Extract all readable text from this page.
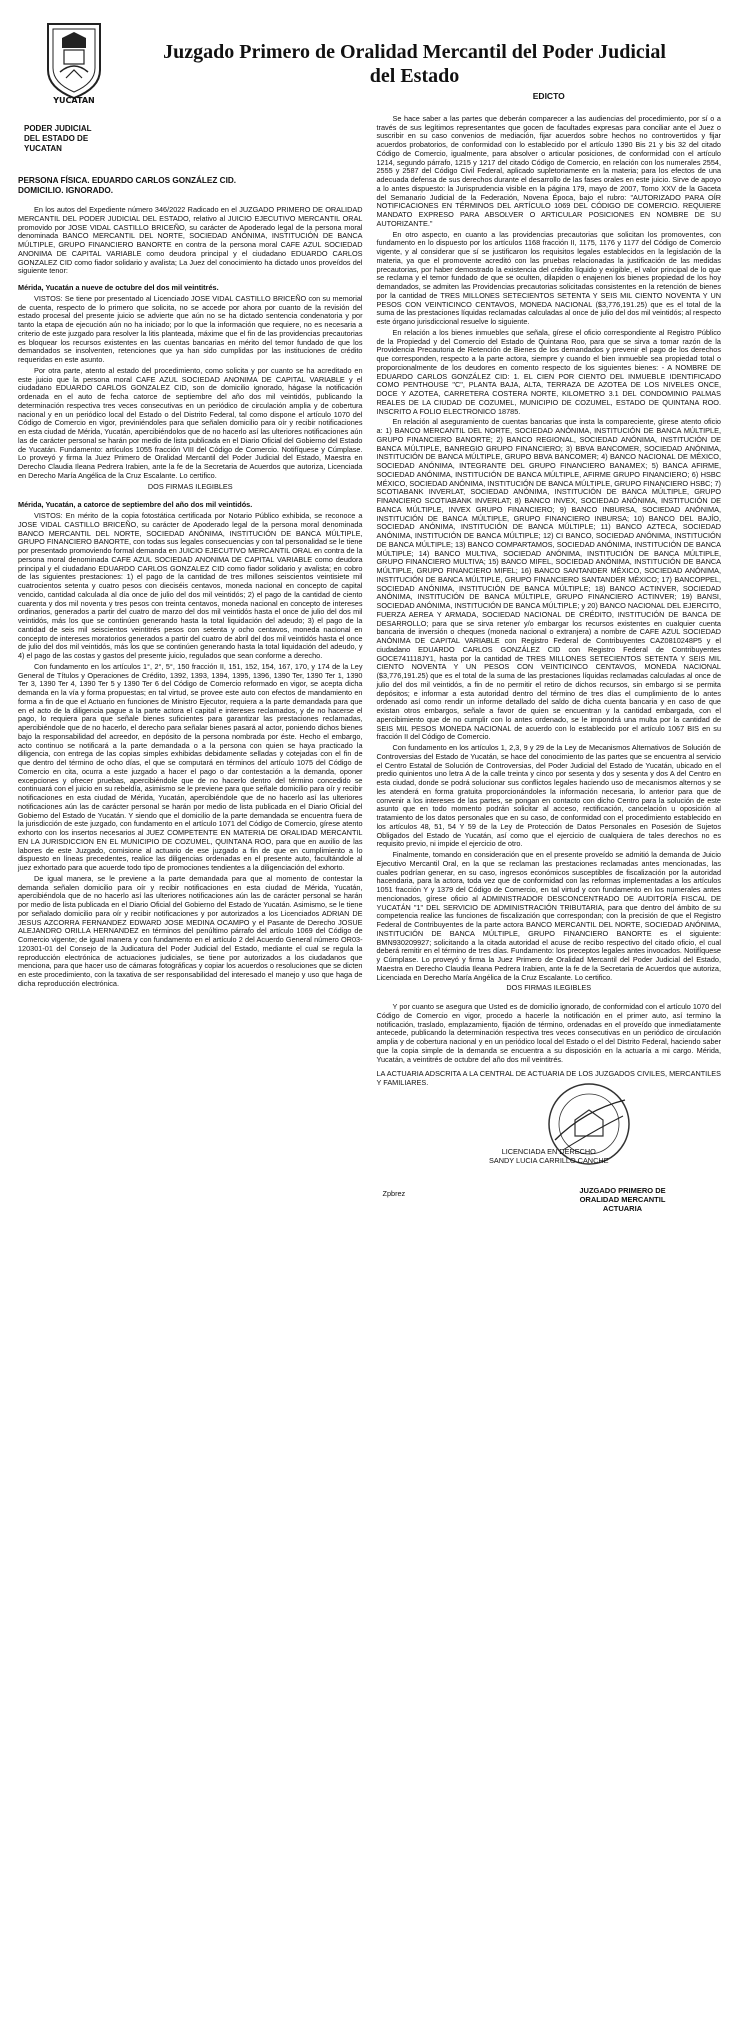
YUCATAN
Juzgado Primero de Oralidad Mercantil del Poder Judicial
del Estado
PODER JUDICIAL
DEL ESTADO DE
YUCATAN
PERSONA FÍSICA. EDUARDO CARLOS GONZÁLEZ CID.
DOMICILIO. IGNORADO.

En los autos del Expediente número 346/2022 Radicado en el JUZGADO PRIMERO DE ORALIDAD MERCANTIL DEL PODER JUDICIAL DEL ESTADO, relativo al JUICIO EJECUTIVO MERCANTIL ORAL promovido por JOSE VIDAL CASTILLO BRICEÑO, su carácter de Apoderado legal de la persona moral denominada BANCO MERCANTIL DEL NORTE, SOCIEDAD ANÓNIMA, INSTITUCIÓN DE BANCA MÚLTIPLE, GRUPO FINANCIERO BANORTE en contra de la persona moral CAFE AZUL SOCIEDAD ANONIMA DE CAPITAL VARIABLE como deudora principal y el ciudadano EDUARDO CARLOS GONZALEZ CID como fiador solidario y avalista; La Juez del conocimiento ha dictado unos proveídos del siguiente tenor:

Mérida, Yucatán a nueve de octubre del dos mil veintitrés.

VISTOS: Se tiene por presentado al Licenciado JOSE VIDAL CASTILLO BRICEÑO con su memorial de cuenta, respecto de lo primero que solicita, no se accede por ahora por cuanto de la revisión del estado procesal del presente juicio se advierte que aún no se ha dictado sentencia condenatoria y por tanto la etapa de ejecución aún no ha iniciado; por lo que la información que requiere, no es necesaria a criterio de este juzgado para resolver la litis planteada, máxime que el fin de las providencias precautorias es bloquear los recursos existentes en las cuentas bancarias en mérito del temor fundado de que los demandados se insolventen, retenciones que ya han sido cumplidas por las instituciones de crédito requeridas en este asunto.

Por otra parte, atento al estado del procedimiento, como solicita y por cuanto se ha acreditado en este juicio que la persona moral CAFE AZUL SOCIEDAD ANONIMA DE CAPITAL VARIABLE y el ciudadano EDUARDO CARLOS GONZALEZ CID, son de domicilio ignorado, hágase la notificación ordenada en el auto de fecha catorce de septiembre del año dos mil veintidós, publicando la determinación respectiva tres veces consecutivas en un periódico de circulación amplia y de cobertura nacional y en un periódico local del Estado o del Distrito Federal, tal como dispone el artículo 1070 del Código de Comercio en vigor, previniéndoles para que señalen domicilio para oír y recibir notificaciones en esta ciudad de Mérida, Yucatán, apercibiéndolos que de no hacerlo así las ulteriores notificaciones aún las de carácter personal se harán por medio de lista publicada en el Diario Oficial del Gobierno del Estado de Yucatán. Fundamento: artículos 1055 fracción VIII del Código de Comercio. Notifíquese y Cúmplase. Lo proveyó y firma la Juez Primero de Oralidad Mercantil del Poder Judicial del Estado, Maestra en Derecho Claudia Ileana Pedrera Irabien, ante la fe de la Secretaria de Acuerdos que autoriza, Licenciada en Derecho María Angélica de la Cruz Escalante. Lo certifico.

DOS FIRMAS ILEGIBLES

Mérida, Yucatán, a catorce de septiembre del año dos mil veintidós.

VISTOS: En mérito de la copia fotostática certificada por Notario Público exhibida, se reconoce a JOSE VIDAL CASTILLO BRICEÑO, su carácter de Apoderado legal de la persona moral denominada BANCO MERCANTIL DEL NORTE, SOCIEDAD ANÓNIMA, INSTITUCIÓN DE BANCA MÚLTIPLE, GRUPO FINANCIERO BANORTE, con todas sus legales consecuencias y con tal personalidad se le tiene por presentado promoviendo formal demanda en JUICIO EJECUTIVO MERCANTIL ORAL en contra de la persona moral denominada CAFE AZUL SOCIEDAD ANONIMA DE CAPITAL VARIABLE como deudora principal y el ciudadano EDUARDO CARLOS GONZALEZ CID como fiador solidario y avalista; en cobro de las siguientes prestaciones: 1) el pago de la cantidad de tres millones seiscientos veintisiete mil cuatrocientos setenta y cuatro pesos con dieciséis centavos, moneda nacional en concepto de capital vencido, cantidad calculada al día once de julio del dos mil veintidós; 2) el pago de la cantidad de ciento cuarenta y dos mil noventa y tres pesos con treinta centavos, moneda nacional en concepto de intereses ordinarios, generados a partir del cuatro de marzo del dos mil veintidós hasta el once de julio del dos mil veintidós, más los que se continúen generando hasta la total liquidación del adeudo; 3) el pago de la cantidad de seis mil seiscientos veintitrés pesos con setenta y ocho centavos, moneda nacional en concepto de intereses moratorios generados a partir del cuatro de abril del dos mil veintidós hasta el once de julio del dos mil veintidós, más los que se continúen generando hasta la total liquidación del adeudo, y 4) el pago de las costas y gastos del presente juicio, regulados que sean conforme a derecho.

Con fundamento en los artículos 1°, 2°, 5°, 150 fracción II, 151, 152, 154, 167, 170, y 174 de la Ley General de Títulos y Operaciones de Crédito, 1392, 1393, 1394, 1395, 1396, 1390 Ter, 1390 Ter 1, 1390 Ter 3, 1390 Ter 4, 1390 Ter 5 y 1390 Ter 6 del Código de Comercio reformado en vigor, se acepta dicha demanda en la vía y forma propuestas; en tal virtud, se provee este auto con efectos de mandamiento en forma a fin de que el Actuario en funciones de Ministro Ejecutor, requiera a la parte demandada para que en el acto de la diligencia pague a la parte actora el capital e intereses reclamados, y de no hacerse el pago, lo requiera para que señale bienes suficientes para garantizar las prestaciones reclamadas, apercibiéndole que de no hacerlo, el derecho para señalar bienes pasará al actor, poniendo dichos bienes bajo la responsabilidad del acreedor, en depósito de la persona nombrada por éste. Hecho el embargo, acto continuo se notificará a la parte demandada o a la persona con quien se haya practicado la diligencia, con entrega de las copias simples exhibidas debidamente selladas y cotejadas con el fin de que dentro del término de ocho días, el que se computará en términos del artículo 1075 del Código de Comercio en cita, ocurra a este juzgado a hacer el pago o dar contestación a la demanda, oponer excepciones y ofrecer pruebas, apercibiéndole que de no hacerlo dentro del término concedido se continuará con el juicio en su rebeldía, asimismo se le previene para que señale domicilio para oír y recibir notificaciones en esta ciudad de Mérida, Yucatán, apercibiéndole que de no hacerlo así las ulteriores notificaciones aún las de carácter personal se harán por medio de lista publicada en el Diario Oficial del Gobierno del Estado de Yucatán. Y siendo que el domicilio de la parte demandada se encuentra fuera de la jurisdicción de este juzgado, con fundamento en el artículo 1071 del Código de Comercio, gírese atento exhorto con los insertos necesarios al JUEZ COMPETENTE EN MATERIA DE ORALIDAD MERCANTIL EN LA JURISDICCION EN EL MUNICIPIO DE COZUMEL, QUINTANA ROO, para que en auxilio de las labores de este Juzgado, comisione al actuario de ese juzgado a fin de que en cumplimiento a lo dispuesto en líneas precedentes, realice las diligencias ordenadas en el presente auto, facultándole al juez exhortado para que acuerde todo tipo de promociones tendientes a la diligenciación del exhorto.

De igual manera, se le previene a la parte demandada para que al momento de contestar la demanda señalen domicilio para oír y recibir notificaciones en esta ciudad de Mérida, Yucatán, apercibiéndola que de no hacerlo así las ulteriores notificaciones aún las de carácter personal se harán por medio de lista publicada en el Diario Oficial del Gobierno del Estado de Yucatán. Asimismo, se le tiene por señalado domicilio para oír y recibir notificaciones y por autorizados a los Licenciados ADRIAN DE JESUS AZCORRA FERNANDEZ EDWARD JOSE MEDINA OCAMPO y el Pasante de Derecho JOSUE ALEJANDRO ORILLA HERNANDEZ en términos del penúltimo párrafo del artículo 1069 del Código de Comercio vigente; de igual manera y con fundamento en el artículo 2 del Acuerdo General número OR03-120301-01 del Consejo de la Judicatura del Poder Judicial del Estado, mediante el cual se regula la reproducción electrónica de actuaciones judiciales, se tiene por autorizados a los ciudadanos que menciona, para que hacer uso de cámaras fotográficas y copiar los acuerdos o resoluciones que se dicten en este procedimiento, con la taxativa de ser responsabilidad del interesado el manejo y uso que haga de dicha reproducción electrónica.

EDICTO

Se hace saber a las partes que deberán comparecer a las audiencias del procedimiento, por sí o a través de sus legítimos representantes que gocen de facultades expresas para conciliar ante el Juez o suscribir en su caso convenios de mediación, fijar acuerdos sobre hechos no controvertidos y fijar acuerdos probatorios, de conformidad con lo establecido por el artículo 1390 Bis 21 y bis 32 del citado Código de Comercio, igualmente, para absolver o articular posiciones, de conformidad con el artículo 1214, segundo párrafo, 1215 y 1217 del citado Código de Comercio, en relación con los numerales 2554, 2555 y 2587 del Código Civil Federal, aplicado supletoriamente en la materia; para los efectos de una adecuada defensa de sus derechos durante el desarrollo de las fases orales en este juicio. Sirve de apoyo a lo antes dispuesto: la Jurisprudencia visible en la página 179, mayo de 2007, Tomo XXV de la Gaceta del Semanario Judicial de la Federación, Novena Época, bajo el rubro: "AUTORIZADO PARA OÍR NOTIFICACIONES EN TÉRMINOS DEL ARTÍCULO 1069 DEL CÓDIGO DE COMERCIO. REQUIERE MANDATO EXPRESO PARA ABSOLVER O ARTICULAR POSICIONES EN NOMBRE DE SU AUTORIZANTE."

En otro aspecto, en cuanto a las providencias precautorias que solicitan los promoventes, con fundamento en lo dispuesto por los artículos 1168 fracción II, 1175, 1176 y 1177 del Código de Comercio vigente, y al considerar que sí se justificaron los requisitos legales establecidos en la legislación de la materia, ya que el promovente acreditó con las pruebas relacionadas la justificación de las medidas precautorias, por haber demostrado la existencia del crédito líquido y exigible, el valor principal de lo que se reclama y el temor fundado de que se oculten, dilapiden o enajenen los bienes propiedad de los hoy demandados, se admiten las Providencias precautorias solicitadas consistentes en la retención de bienes por la cantidad de TRES MILLONES SETECIENTOS SETENTA Y SEIS MIL CIENTO NOVENTA Y UN PESOS CON VEINTICINCO CENTAVOS, MONEDA NACIONAL ($3,776,191.25) que es el total de la suma de las prestaciones líquidas reclamadas calculadas al once de julio del dos mil veintidós; al respecto este órgano jurisdiccional resuelve lo siguiente.

En relación a los bienes inmuebles que señala, gírese el oficio correspondiente al Registro Público de la Propiedad y del Comercio del Estado de Quintana Roo, para que se sirva a tomar razón de la Providencia Precautoria de Retención de Bienes de los demandados y prevenir el pago de los derechos que corresponden, respecto a la parte actora, siempre y cuando el bien inmueble sea propiedad total o proporcionalmente de los deudores en comento respecto de los siguientes bienes: - A NOMBRE DE EDUARDO CARLOS GONZÁLEZ CID: 1. EL CIEN POR CIENTO DEL INMUEBLE IDENTIFICADO COMO PENTHOUSE "C", PLANTA BAJA, ALTA, TERRAZA DE AZOTEA DE LOS NIVELES ONCE, DOCE Y AZOTEA, CARRETERA COSTERA NORTE, KILOMETRO 3.1 DEL CONDOMINIO PALMAS REALES DE LA CIUDAD DE COZUMEL, MUNICIPIO DE COZUMEL, ESTADO DE QUINTANA ROO. INSCRITO A FOLIO ELECTRONICO 18785.

En relación al aseguramiento de cuentas bancarias que insta la compareciente, gírese atento oficio a: 1) BANCO MERCANTIL DEL NORTE, SOCIEDAD ANÓNIMA, INSTITUCIÓN DE BANCA MÚLTIPLE, GRUPO FINANCIERO BANORTE; 2) BANCO REGIONAL, SOCIEDAD ANÓNIMA, INSTITUCIÓN DE BANCA MÚLTIPLE, BANREGIO GRUPO FINANCIERO; 3) BBVA BANCOMER, SOCIEDAD ANÓNIMA, INSTITUCIÓN DE BANCA MÚLTIPLE, GRUPO BBVA BANCOMER; 4) BANCO NACIONAL DE MÉXICO, SOCIEDAD ANÓNIMA, INTEGRANTE DEL GRUPO FINANCIERO BANAMEX; 5) BANCA AFIRME, SOCIEDAD ANÓNIMA, INSTITUCIÓN DE BANCA MÚLTIPLE, AFIRME GRUPO FINANCIERO; 6) HSBC MÉXICO, SOCIEDAD ANÓNIMA, INSTITUCIÓN DE BANCA MÚLTIPLE, GRUPO FINANCIERO HSBC; 7) SCOTIABANK INVERLAT, SOCIEDAD ANÓNIMA, INSTITUCIÓN DE BANCA MÚLTIPLE, GRUPO FINANCIERO SCOTIABANK INVERLAT; 8) BANCO INVEX, SOCIEDAD ANÓNIMA, INSTITUCIÓN DE BANCA MÚLTIPLE, INVEX GRUPO FINANCIERO; 9) BANCO INBURSA, SOCIEDAD ANÓNIMA, INSTITUCIÓN DE BANCA MÚLTIPLE, GRUPO FINANCIERO INBURSA; 10) BANCO DEL BAJÍO, SOCIEDAD ANÓNIMA, INSTITUCIÓN DE BANCA MÚLTIPLE; 11) BANCO AZTECA, SOCIEDAD ANÓNIMA, INSTITUCIÓN DE BANCA MÚLTIPLE; 12) CI BANCO, SOCIEDAD ANÓNIMA, INSTITUCIÓN DE BANCA MÚLTIPLE; 13) BANCO COMPARTAMOS, SOCIEDAD ANÓNIMA, INSTITUCIÓN DE BANCA MÚLTIPLE; 14) BANCO MULTIVA, SOCIEDAD ANÓNIMA, INSTITUCIÓN DE BANCA MÚLTIPLE, GRUPO FINANCIERO MULTIVA; 15) BANCO MIFEL, SOCIEDAD ANÓNIMA, INSTITUCIÓN DE BANCA MÚLTIPLE, GRUPO FINANCIERO MIFEL; 16) BANCO SANTANDER MÉXICO, SOCIEDAD ANÓNIMA, INSTITUCIÓN DE BANCA MÚLTIPLE, GRUPO FINANCIERO SANTANDER MÉXICO; 17) BANCOPPEL, SOCIEDAD ANÓNIMA, INSTITUCIÓN DE BANCA MÚLTIPLE; 18) BANCO ACTINVER, SOCIEDAD ANÓNIMA, INSTITUCIÓN DE BANCA MÚLTIPLE, GRUPO FINANCIERO ACTINVER; 19) BANSI, SOCIEDAD ANÓNIMA, INSTITUCIÓN DE BANCA MÚLTIPLE; y 20) BANCO NACIONAL DEL EJERCITO, FUERZA AEREA Y ARMADA, SOCIEDAD NACIONAL DE CRÉDITO, INSTITUCIÓN DE BANCA DE DESARROLLO; para que se sirva retener y/o embargar los recursos existentes en cualquier cuenta bancaria de inversión o cheques (moneda nacional o extranjera) a nombre de CAFE AZUL SOCIEDAD ANÓNIMA DE CAPITAL VARIABLE con Registro Federal de Contribuyentes CAZ0810248P5 y el ciudadano EDUARDO CARLOS GONZÁLEZ CID con Registro Federal de Contribuyentes GOCE741118JY1, hasta por la cantidad de TRES MILLONES SETECIENTOS SETENTA Y SEIS MIL CIENTO NOVENTA Y UN PESOS CON VEINTICINCO CENTAVOS, MONEDA NACIONAL ($3,776,191.25) que es el total de la suma de las prestaciones líquidas reclamadas calculadas al once de julio del dos mil veintidós, a fin de no permitir el retiro de dichos recursos, sin embargo si se permita depósitos; e informar a esta autoridad dentro del término de tres días el cumplimiento de lo antes ordenado así como rendir un informe detallado del saldo de dicha cuenta bancaria y en caso de que existan otros embargos, señale a favor de quien se encuentran y la cantidad embargada, con el apercibimiento que de no cumplir con lo antes ordenado, se le impondrá una multa por la cantidad de SEIS MIL PESOS MONEDA NACIONAL de acuerdo con lo establecido por el artículo 1067 BIS en su fracción II del Código de Comercio.

Con fundamento en los artículos 1, 2,3, 9 y 29 de la Ley de Mecanismos Alternativos de Solución de Controversias del Estado de Yucatán, se hace del conocimiento de las partes que se encuentra al servicio el Centro Estatal de Solución de Controversias, del Poder Judicial del Estado de Yucatán, ubicado en el predio quinientos uno letra A de la calle treinta y cinco por sesenta y dos y sesenta y dos A del Centro en esta ciudad, donde se podrá solucionar sus conflictos legales haciendo uso de mecanismos alternos y se les atenderá en forma gratuita proporcionándoles la información necesaria, lo anterior para que de convenir a los intereses de las partes, se pongan en contacto con dicho Centro para la solución de este asunto que en todo momento podrán solicitar al acceso, rectificación, cancelación u oposición al tratamiento de los datos personales que en su caso, de conformidad con el procedimiento establecido en los artículos 48, 51, 54 Y 59 de la Ley de Protección de Datos Personales en Posesión de Sujetos Obligados del Estado de Yucatán, así como que el ejercicio de cualquiera de tales derechos no es requisito previo, ni impide el ejercicio de otro.

Finalmente, tomando en consideración que en el presente proveído se admitió la demanda de Juicio Ejecutivo Mercantil Oral, en la que se reclaman las prestaciones reclamadas antes mencionadas, las cuales podrían generar, en su caso, ingresos económicos susceptibles de fiscalización por la autoridad hacendaria, para la actora, toda vez que de conformidad con las reformas implementadas a los artículos 1051 fracción Y y 1379 del Código de Comercio, en tal virtud y con fundamento en los numerales antes mencionados, gírese oficio al ADMINISTRADOR DESCONCENTRADO DE AUDITORÍA FISCAL DE YUCATÁN "1" DEL SERVICIO DE ADMINISTRACIÓN TRIBUTARIA, para que dentro del ámbito de su competencia realice las funciones de fiscalización que correspondan; con la precisión de que el Registro Federal de Contribuyentes de la parte actora BANCO MERCANTIL DEL NORTE, SOCIEDAD ANÓNIMA, INSTITUCIÓN DE BANCA MÚLTIPLE, GRUPO FINANCIERO BANORTE es el siguiente: BMN930209927; solicitando a la citada autoridad el acuse de recibo respectivo del citado oficio, el cual deberá remitir en el término de tres días. Fundamento: los preceptos legales antes invocados. Notifíquese y Cúmplase. Lo proveyó y firma la Juez Primero de Oralidad Mercantil del Poder Judicial del Estado, Maestra en Derecho Claudia Ileana Pedrera Irabien, ante la fe de la Secretaria de Acuerdos que autoriza, Licenciada en Derecho María Angélica de la Cruz Escalante. Lo certifico.

DOS FIRMAS ILEGIBLES

Y por cuanto se asegura que Usted es de domicilio ignorado, de conformidad con el artículo 1070 del Código de Comercio en vigor, procedo a hacerle la notificación en el primer auto, así termino la notificación, traslado, emplazamiento, fijación de término, ordenadas en el proveído que inmediatamente antecede, publicando la determinación respectiva tres veces consecutivas en un periódico de circulación amplia y de cobertura nacional y en un periódico local del Estado o el del Distrito Federal, haciendo saber que la copia simple de la demanda se encuentra a su disposición en la actuaría a mi cargo. Mérida, Yucatán, a veintitrés de octubre del año dos mil veintitrés.

LA ACTUARIA ADSCRITA A LA CENTRAL DE ACTUARIA DE LOS JUZGADOS CIVILES, MERCANTILES Y FAMILIARES.
LICENCIADA EN DERECHO
SANDY LUCIA CARRILLO CANCHE
Zpbrez	JUZGADO PRIMERO DE
ORALIDAD MERCANTIL
ACTUARIA
